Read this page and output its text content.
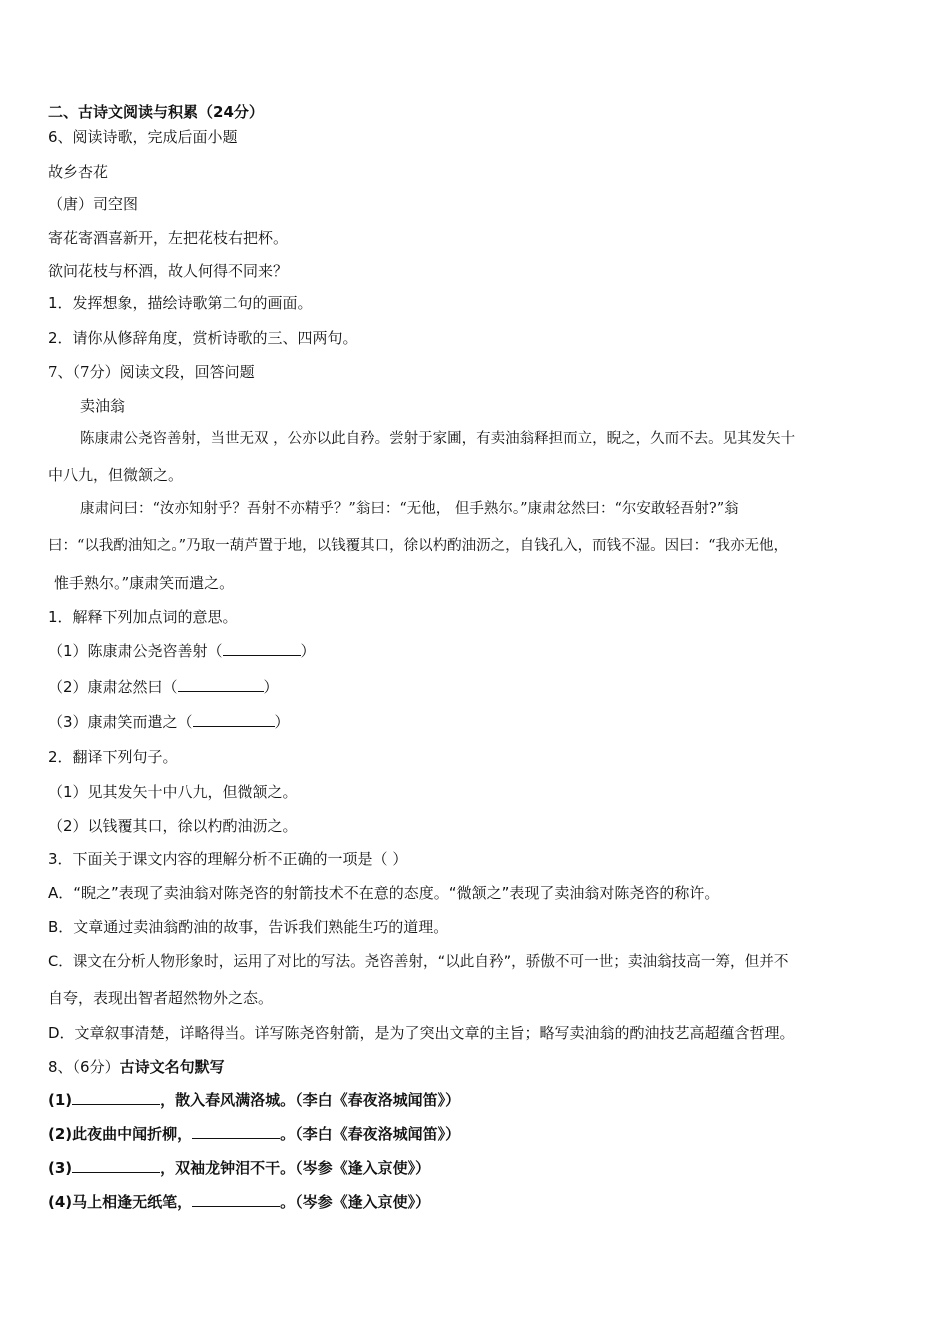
二、古诗文阅读与积累（24分）
6、阅读诗歌，完成后面小题
故乡杏花
（唐）司空图
寄花寄酒喜新开，左把花枝右把杯。
欲问花枝与杯酒，故人何得不同来？
1．发挥想象，描绘诗歌第二句的画面。
2．请你从修辞角度，赏析诗歌的三、四两句。
7、（7分）阅读文段，回答问题
卖油翁
陈康肃公尧咨善射，当世无双 ，公亦以此自矜。尝射于家圃，有卖油翁释担而立，睨之，久而不去。见其发矢十
中八九，但微颔之。
康肃问曰：“汝亦知射乎？吾射不亦精乎？”翁曰：“无他， 但手熟尔。”康肃忿然曰：“尔安敢轻吾射?”翁
曰：“以我酌油知之。”乃取一葫芦置于地，以钱覆其口，徐以杓酌油沥之，自钱孔入，而钱不湿。因曰：“我亦无他，
惟手熟尔。”康肃笑而遣之。
1．解释下列加点词的意思。
（1）陈康肃公尧咨善射（	）
（2）康肃忿然曰（	）
（3）康肃笑而遣之（	）
2．翻译下列句子。
（1）见其发矢十中八九，但微颔之。
（2）以钱覆其口，徐以杓酌油沥之。
3．下面关于课文内容的理解分析不正确的一项是（ ）
A．“睨之”表现了卖油翁对陈尧咨的射箭技术不在意的态度。“微颔之”表现了卖油翁对陈尧咨的称许。
B．文章通过卖油翁酌油的故事，告诉我们熟能生巧的道理。
C．课文在分析人物形象时，运用了对比的写法。尧咨善射，“以此自矜”，骄傲不可一世；卖油翁技高一筹，但并不
自夸，表现出智者超然物外之态。
D．文章叙事清楚，详略得当。详写陈尧咨射箭，是为了突出文章的主旨；略写卖油翁的酌油技艺高超蕴含哲理。
8、（6分）古诗文名句默写
(1)	，散入春风满洛城。（李白《春夜洛城闻笛》）
(2)此夜曲中闻折柳，	。（李白《春夜洛城闻笛》）
(3)	，双袖龙钟泪不干。（岑参《逢入京使》）
(4)马上相逢无纸笔，	。（岑参《逢入京使》）
